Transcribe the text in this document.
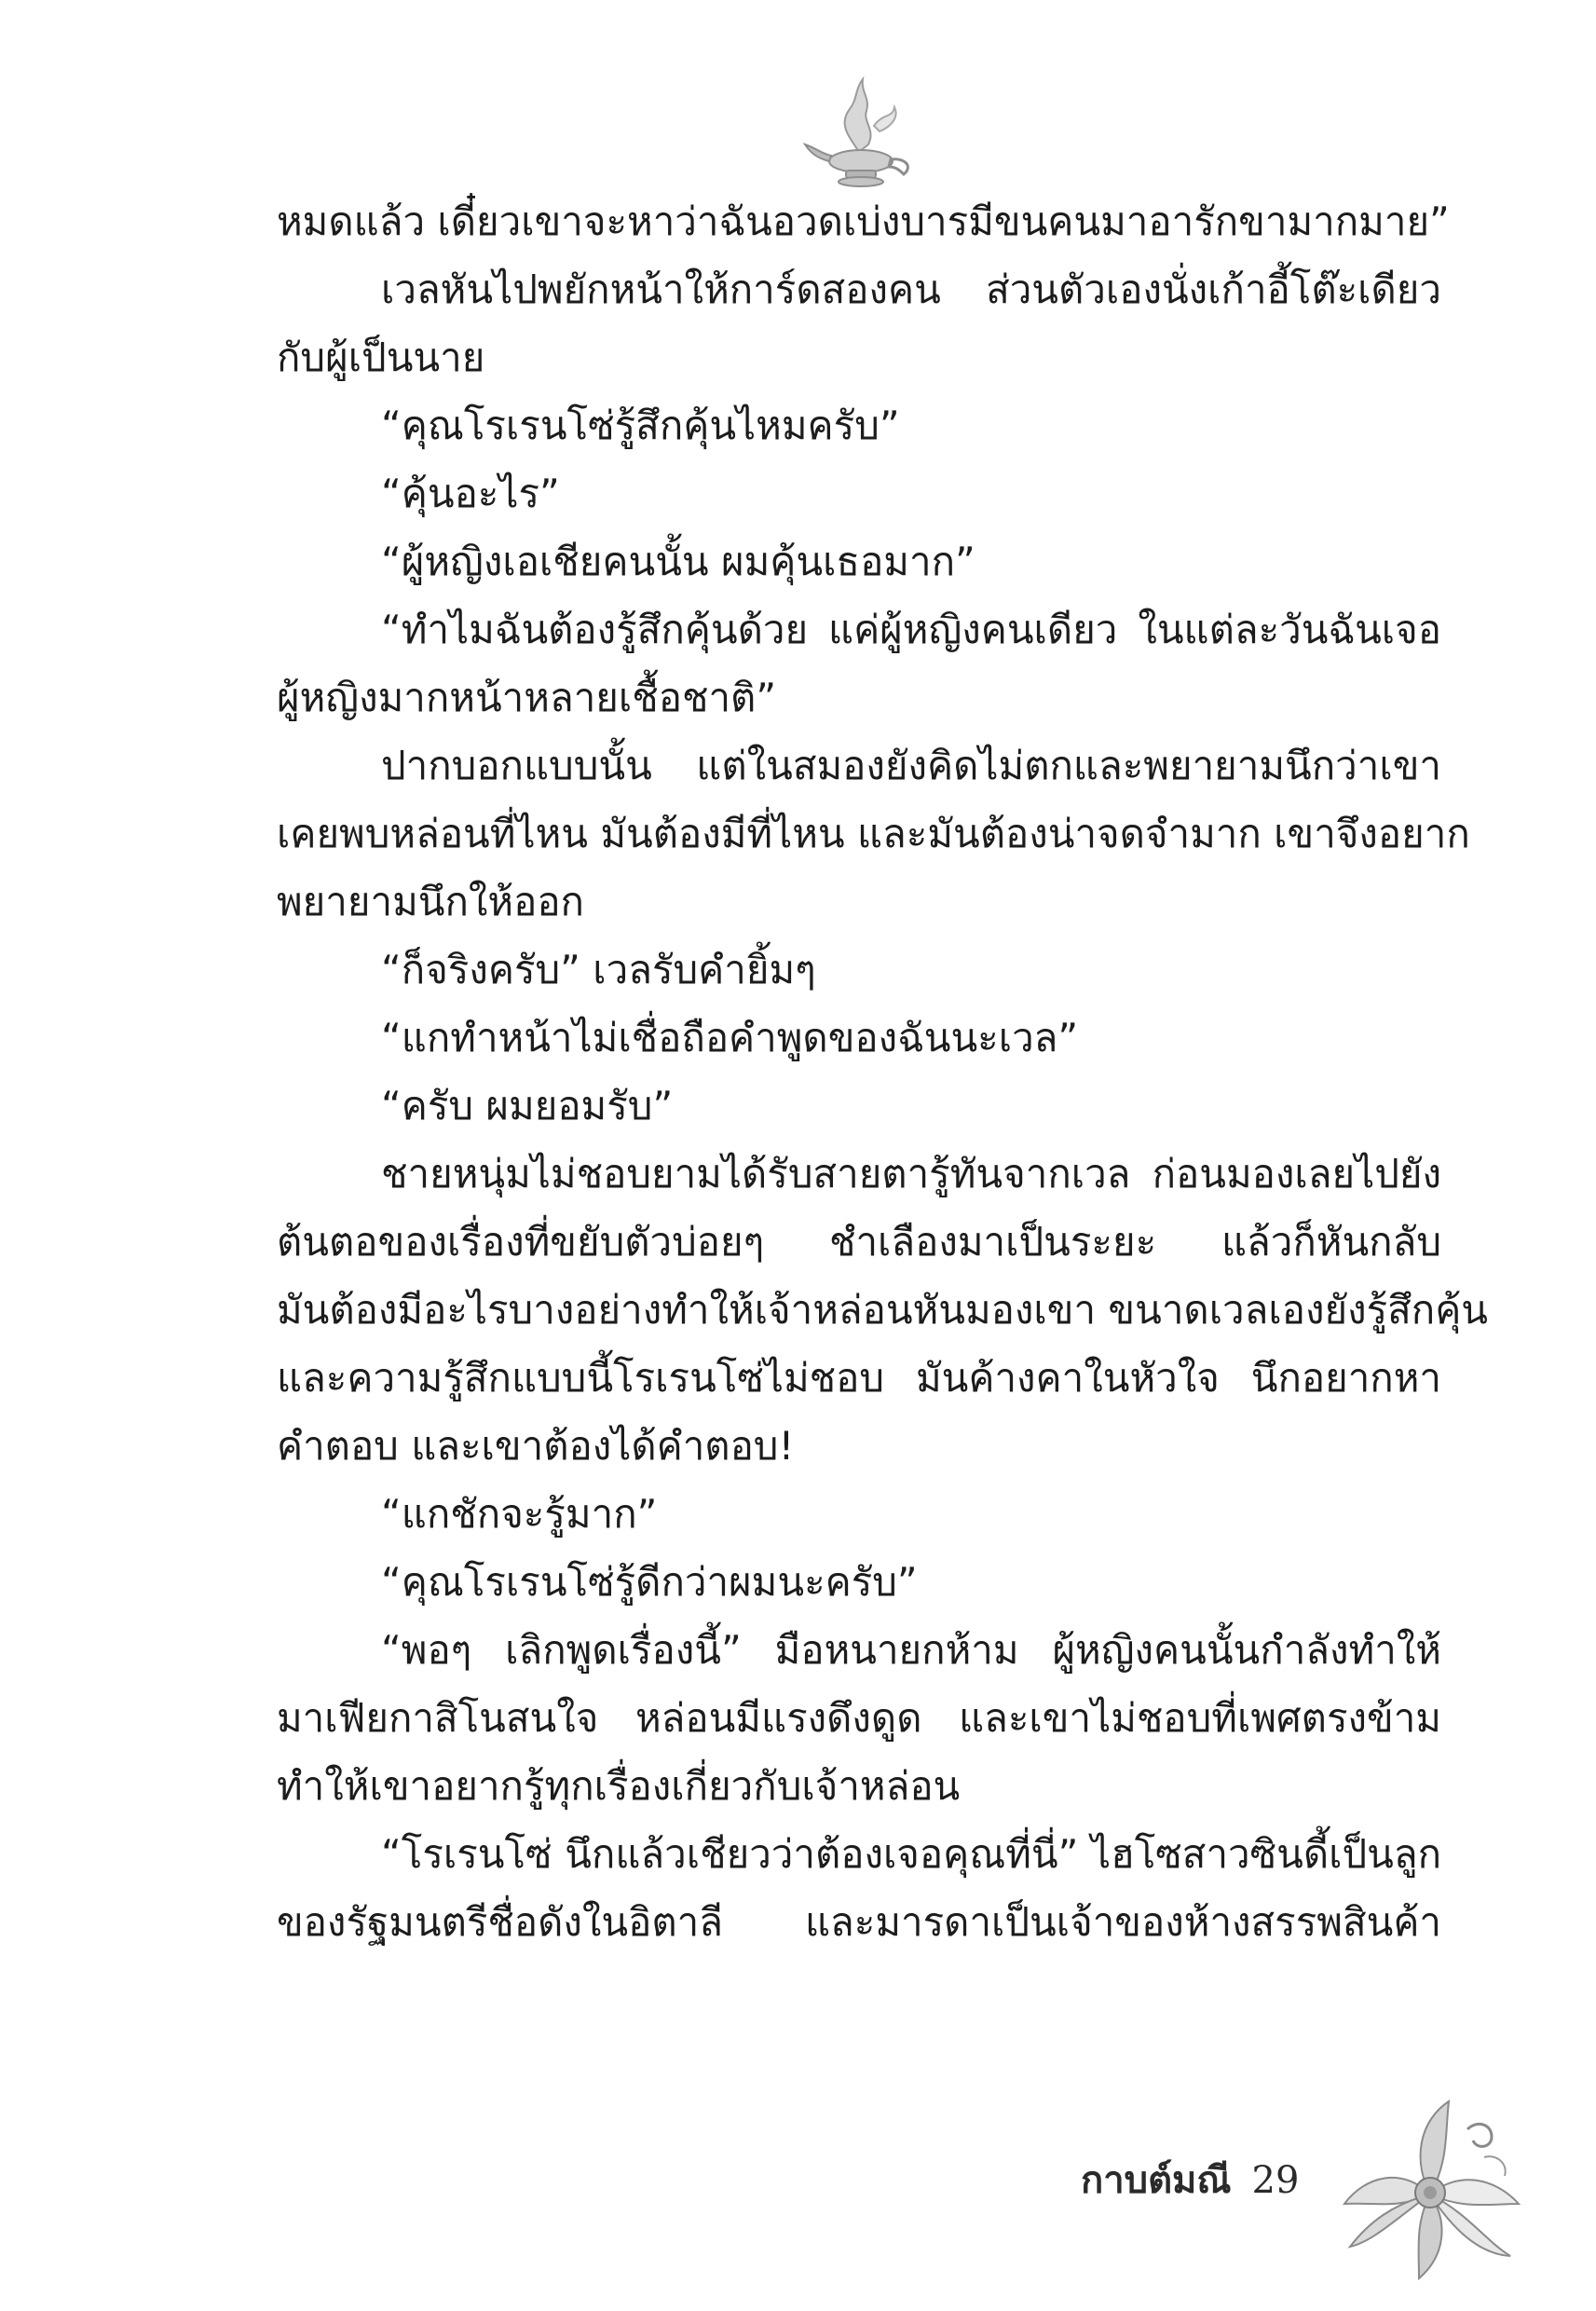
หมดแล้ว เดี๋ยวเขาจะหาว่าฉันอวดเบ่งบารมีขนคนมาอารักขามากมาย”
เวลหันไปพยักหน้าให้การ์ดสองคน ส่วนตัวเองนั่งเก้าอี้โต๊ะเดียว
กับผู้เป็นนาย
“คุณโรเรนโซ่รู้สึกคุ้นไหมครับ”
“คุ้นอะไร”
“ผู้หญิงเอเชียคนนั้น ผมคุ้นเธอมาก”
“ทำไมฉันต้องรู้สึกคุ้นด้วย แค่ผู้หญิงคนเดียว ในแต่ละวันฉันเจอ
ผู้หญิงมากหน้าหลายเชื้อชาติ”
ปากบอกแบบนั้น แต่ในสมองยังคิดไม่ตกและพยายามนึกว่าเขา
เคยพบหล่อนที่ไหน มันต้องมีที่ไหน และมันต้องน่าจดจำมาก เขาจึงอยาก
พยายามนึกให้ออก
“ก็จริงครับ” เวลรับคำยิ้มๆ
“แกทำหน้าไม่เชื่อถือคำพูดของฉันนะเวล”
“ครับ ผมยอมรับ”
ชายหนุ่มไม่ชอบยามได้รับสายตารู้ทันจากเวล ก่อนมองเลยไปยัง
ต้นตอของเรื่องที่ขยับตัวบ่อยๆ ชำเลืองมาเป็นระยะ แล้วก็หันกลับ
มันต้องมีอะไรบางอย่างทำให้เจ้าหล่อนหันมองเขา ขนาดเวลเองยังรู้สึกคุ้น
และความรู้สึกแบบนี้โรเรนโซ่ไม่ชอบ มันค้างคาในหัวใจ นึกอยากหา
คำตอบ และเขาต้องได้คำตอบ!
“แกชักจะรู้มาก”
“คุณโรเรนโซ่รู้ดีกว่าผมนะครับ”
“พอๆ เลิกพูดเรื่องนี้” มือหนายกห้าม ผู้หญิงคนนั้นกำลังทำให้
มาเฟียกาสิโนสนใจ หล่อนมีแรงดึงดูด และเขาไม่ชอบที่เพศตรงข้าม
ทำให้เขาอยากรู้ทุกเรื่องเกี่ยวกับเจ้าหล่อน
“โรเรนโซ่ นึกแล้วเชียวว่าต้องเจอคุณที่นี่” ไฮโซสาวซินดี้เป็นลูก
ของรัฐมนตรีชื่อดังในอิตาลี และมารดาเป็นเจ้าของห้างสรรพสินค้า
กาบต์มณี 29
